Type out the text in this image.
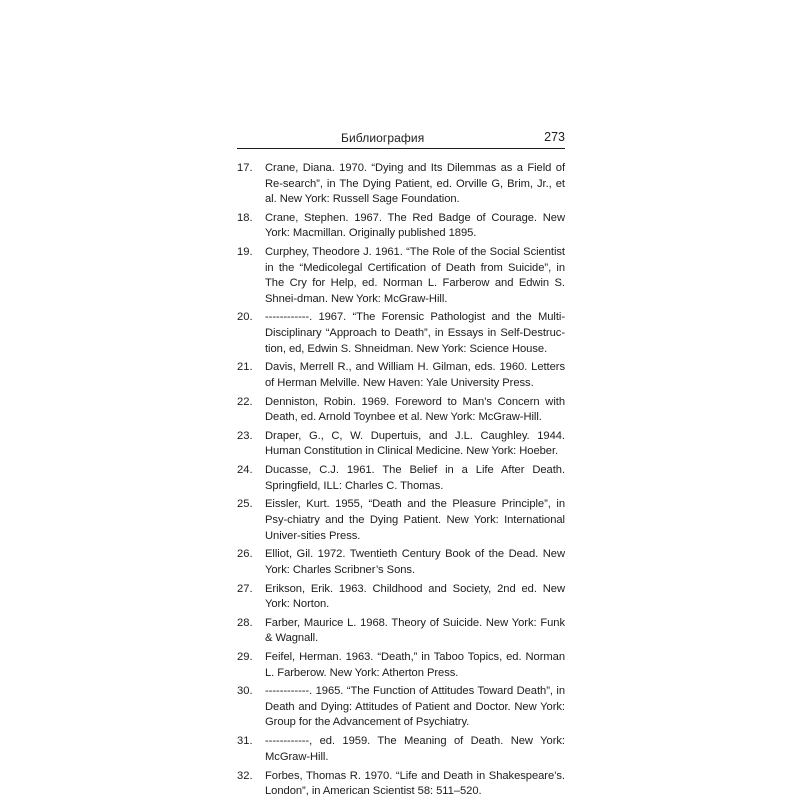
Библиография	273
17.	Crane, Diana. 1970. “Dying and Its Dilemmas as a Field of Re-search”, in The Dying Patient, ed. Orville G, Brim, Jr., et al. New York: Russell Sage Foundation.
18.	Crane, Stephen. 1967. The Red Badge of Courage. New York: Macmillan. Originally published 1895.
19.	Curphey, Theodore J. 1961. “The Role of the Social Scientist in the “Medicolegal Certification of Death from Suicide”, in The Cry for Help, ed. Norman L. Farberow and Edwin S. Shnei-dman. New York: McGraw-Hill.
20.	------------. 1967. “The Forensic Pathologist and the Multi-Disciplinary “Approach to Death”, in Essays in Self-Destruc-tion, ed, Edwin S. Shneidman. New York: Science House.
21.	Davis, Merrell R., and William H. Gilman, eds. 1960. Letters of Herman Melville. New Haven: Yale University Press.
22.	Denniston, Robin. 1969. Foreword to Man’s Concern with Death, ed. Arnold Toynbee et al. New York: McGraw-Hill.
23.	Draper, G., C, W. Dupertuis, and J.L. Caughley. 1944. Human Constitution in Clinical Medicine. New York: Hoeber.
24.	Ducasse, C.J. 1961. The Belief in a Life After Death. Springfield, ILL: Charles C. Thomas.
25.	Eissler, Kurt. 1955, “Death and the Pleasure Principle”, in Psy-chiatry and the Dying Patient. New York: International Univer-sities Press.
26.	Elliot, Gil. 1972. Twentieth Century Book of the Dead. New York: Charles Scribner’s Sons.
27.	Erikson, Erik. 1963. Childhood and Society, 2nd ed. New York: Norton.
28.	Farber, Maurice L. 1968. Theory of Suicide. New York: Funk & Wagnall.
29.	Feifel, Herman. 1963. “Death,” in Taboo Topics, ed. Norman L. Farberow. New York: Atherton Press.
30.	------------. 1965. “The Function of Attitudes Toward Death”, in Death and Dying: Attitudes of Patient and Doctor. New York: Group for the Advancement of Psychiatry.
31.	------------, ed. 1959. The Meaning of Death. New York: McGraw-Hill.
32.	Forbes, Thomas R. 1970. “Life and Death in Shakespeare’s. London”, in American Scientist 58: 511–520.
